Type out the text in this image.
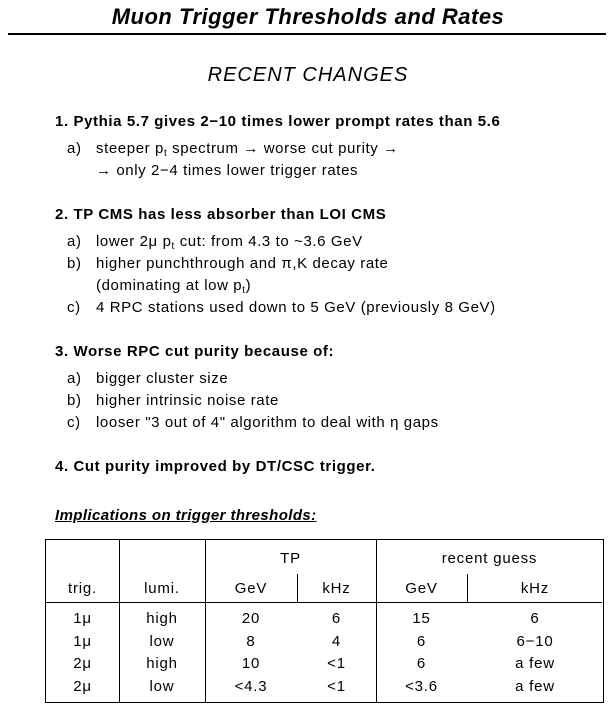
Muon Trigger Thresholds and Rates
RECENT CHANGES
1. Pythia 5.7 gives 2−10 times lower prompt rates than 5.6
a) steeper $p_t$ spectrum → worse cut purity →
→ only 2−4 times lower trigger rates
2. TP CMS has less absorber than LOI CMS
a) lower 2μ $p_t$ cut: from 4.3 to ~3.6 GeV
b) higher punchthrough and π,K decay rate
(dominating at low $p_t$)
c) 4 RPC stations used down to 5 GeV (previously 8 GeV)
3. Worse RPC cut purity because of:
a) bigger cluster size
b) higher intrinsic noise rate
c) looser "3 out of 4" algorithm to deal with η gaps
4. Cut purity improved by DT/CSC trigger.
Implications on trigger thresholds:
TP	recent guess
trig.	lumi.	GeV	kHz	GeV	kHz
1μ	high	20	6	15	6
1μ	low	8	4	6	6−10
2μ	high	10	<1	6	a few
2μ	low	<4.3	<1	<3.6	a few
